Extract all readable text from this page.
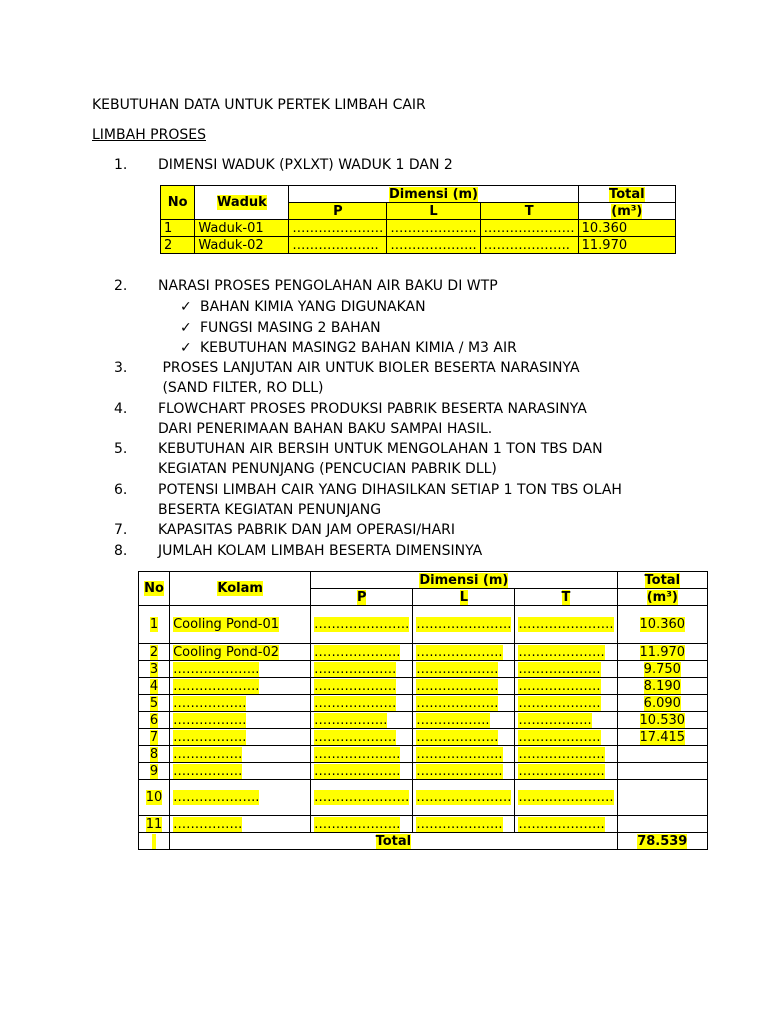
KEBUTUHAN DATA UNTUK PERTEK LIMBAH CAIR
LIMBAH PROSES
1. DIMENSI WADUK (PXLXT) WADUK 1 DAN 2
No	Waduk	Dimensi (m)			Total
		P	L	T	(m³)
1	Waduk-01	…………………	………………..	…………………	10.360
2	Waduk-02	………………..	………………..	………………..	11.970
2. NARASI PROSES PENGOLAHAN AIR BAKU DI WTP
✓ BAHAN KIMIA YANG DIGUNAKAN
✓ FUNGSI MASING 2 BAHAN
✓ KEBUTUHAN MASING2 BAHAN KIMIA / M3 AIR
3. PROSES LANJUTAN AIR UNTUK BIOLER BESERTA NARASINYA
(SAND FILTER, RO DLL)
4. FLOWCHART PROSES PRODUKSI PABRIK BESERTA NARASINYA
DARI PENERIMAAN BAHAN BAKU SAMPAI HASIL.
5. KEBUTUHAN AIR BERSIH UNTUK MENGOLAHAN 1 TON TBS DAN
KEGIATAN PENUNJANG (PENCUCIAN PABRIK DLL)
6. POTENSI LIMBAH CAIR YANG DIHASILKAN SETIAP 1 TON TBS OLAH
BESERTA KEGIATAN PENUNJANG
7. KAPASITAS PABRIK DAN JAM OPERASI/HARI
8. JUMLAH KOLAM LIMBAH BESERTA DIMENSINYA
No	Kolam	Dimensi (m)			Total
		P	L	T	(m³)
1	Cooling Pond-01	………………….	………………….	………………….	10.360
2	Cooling Pond-02	………………..	………………..	………………..	11.970
3	………………..	……………….	……………….	……………….	9.750
4	………………..	……………….	……………….	……………….	8.190
5	……………..	……………….	……………….	……………….	6.090
6	……………..	……………..	……………..	……………..	10.530
7	……………..	……………….	……………….	……………….	17.415
8	…………….	………………..	………………..	………………..	
9	…………….	………………..	………………..	………………..	
10	………………..	………………….	………………….	………………….	
11	…………….	………………..	………………..	………………..	
	Total				78.539
